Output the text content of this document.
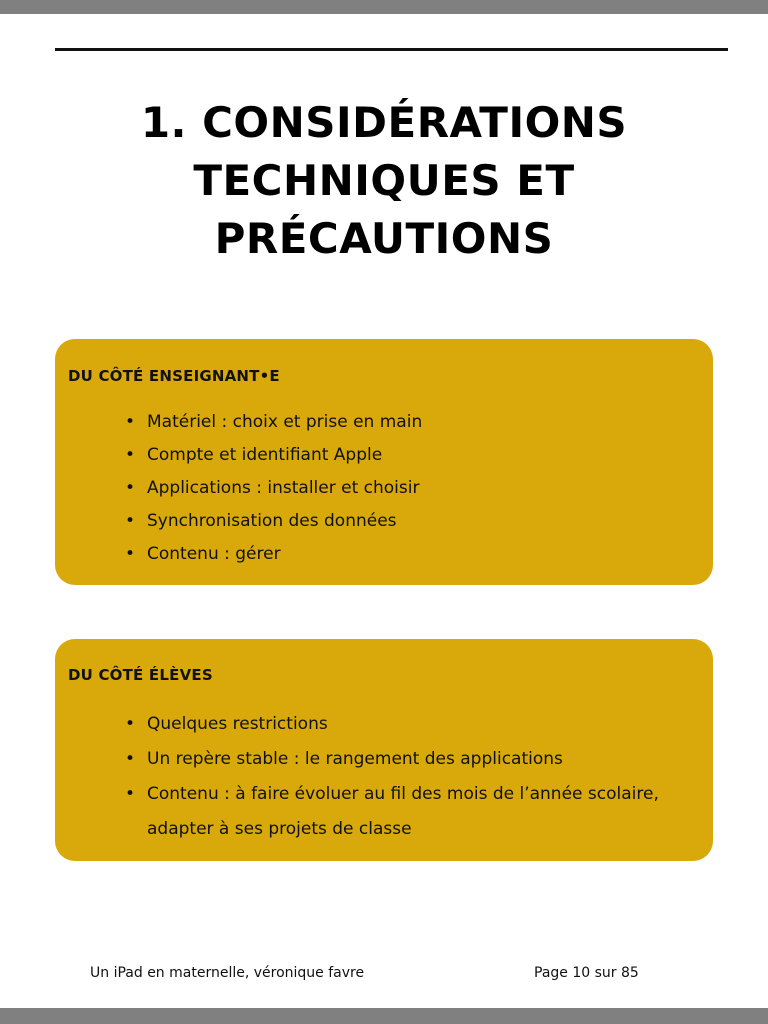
1. CONSIDÉRATIONS
TECHNIQUES ET
PRÉCAUTIONS
DU CÔTÉ ENSEIGNANT•E
• Matériel : choix et prise en main
• Compte et identifiant Apple
• Applications : installer et choisir
• Synchronisation des données
• Contenu : gérer
DU CÔTÉ ÉLÈVES
• Quelques restrictions
• Un repère stable : le rangement des applications
• Contenu : à faire évoluer au fil des mois de l’année scolaire, adapter à ses projets de classe
Un iPad en maternelle, véronique favre	Page 10 sur 85
